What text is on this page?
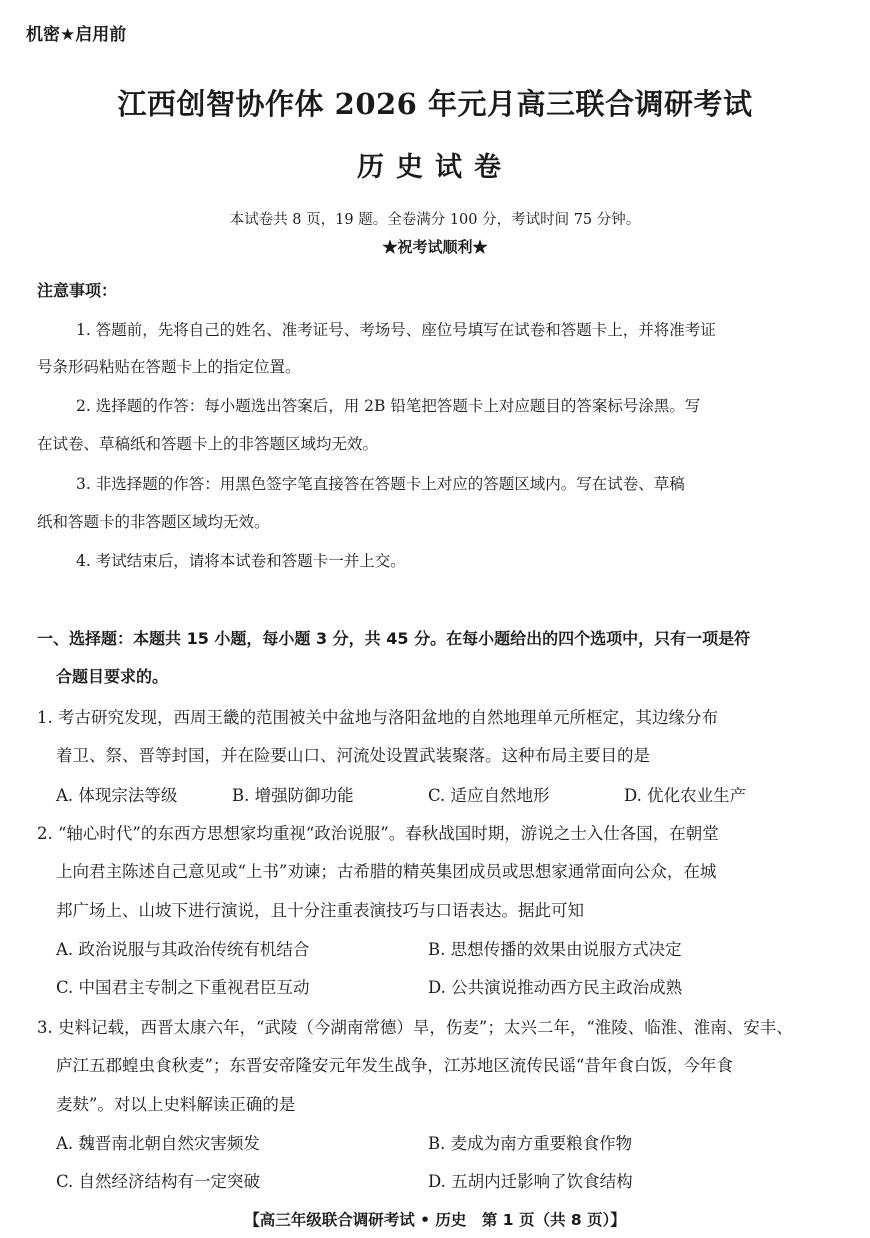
机密★启用前
江西创智协作体 2026 年元月高三联合调研考试
历史试卷
本试卷共 8 页，19 题。全卷满分 100 分，考试时间 75 分钟。
★祝考试顺利★
注意事项：
1. 答题前，先将自己的姓名、准考证号、考场号、座位号填写在试卷和答题卡上，并将准考证
号条形码粘贴在答题卡上的指定位置。
2. 选择题的作答：每小题选出答案后，用 2B 铅笔把答题卡上对应题目的答案标号涂黑。写
在试卷、草稿纸和答题卡上的非答题区域均无效。
3. 非选择题的作答：用黑色签字笔直接答在答题卡上对应的答题区域内。写在试卷、草稿
纸和答题卡的非答题区域均无效。
4. 考试结束后，请将本试卷和答题卡一并上交。
一、选择题：本题共 15 小题，每小题 3 分，共 45 分。在每小题给出的四个选项中，只有一项是符
合题目要求的。
1. 考古研究发现，西周王畿的范围被关中盆地与洛阳盆地的自然地理单元所框定，其边缘分布
着卫、祭、晋等封国，并在险要山口、河流处设置武装聚落。这种布局主要目的是
A. 体现宗法等级	B. 增强防御功能	C. 适应自然地形	D. 优化农业生产
2. “轴心时代”的东西方思想家均重视“政治说服”。春秋战国时期，游说之士入仕各国，在朝堂
上向君主陈述自己意见或“上书”劝谏；古希腊的精英集团成员或思想家通常面向公众，在城
邦广场上、山坡下进行演说，且十分注重表演技巧与口语表达。据此可知
A. 政治说服与其政治传统有机结合	B. 思想传播的效果由说服方式决定
C. 中国君主专制之下重视君臣互动	D. 公共演说推动西方民主政治成熟
3. 史料记载，西晋太康六年，“武陵（今湖南常德）旱，伤麦”；太兴二年，“淮陵、临淮、淮南、安丰、
庐江五郡蝗虫食秋麦”；东晋安帝隆安元年发生战争，江苏地区流传民谣“昔年食白饭，今年食
麦麸”。对以上史料解读正确的是
A. 魏晋南北朝自然灾害频发	B. 麦成为南方重要粮食作物
C. 自然经济结构有一定突破	D. 五胡内迁影响了饮食结构
【高三年级联合调研考试 • 历史　第 1 页（共 8 页）】
